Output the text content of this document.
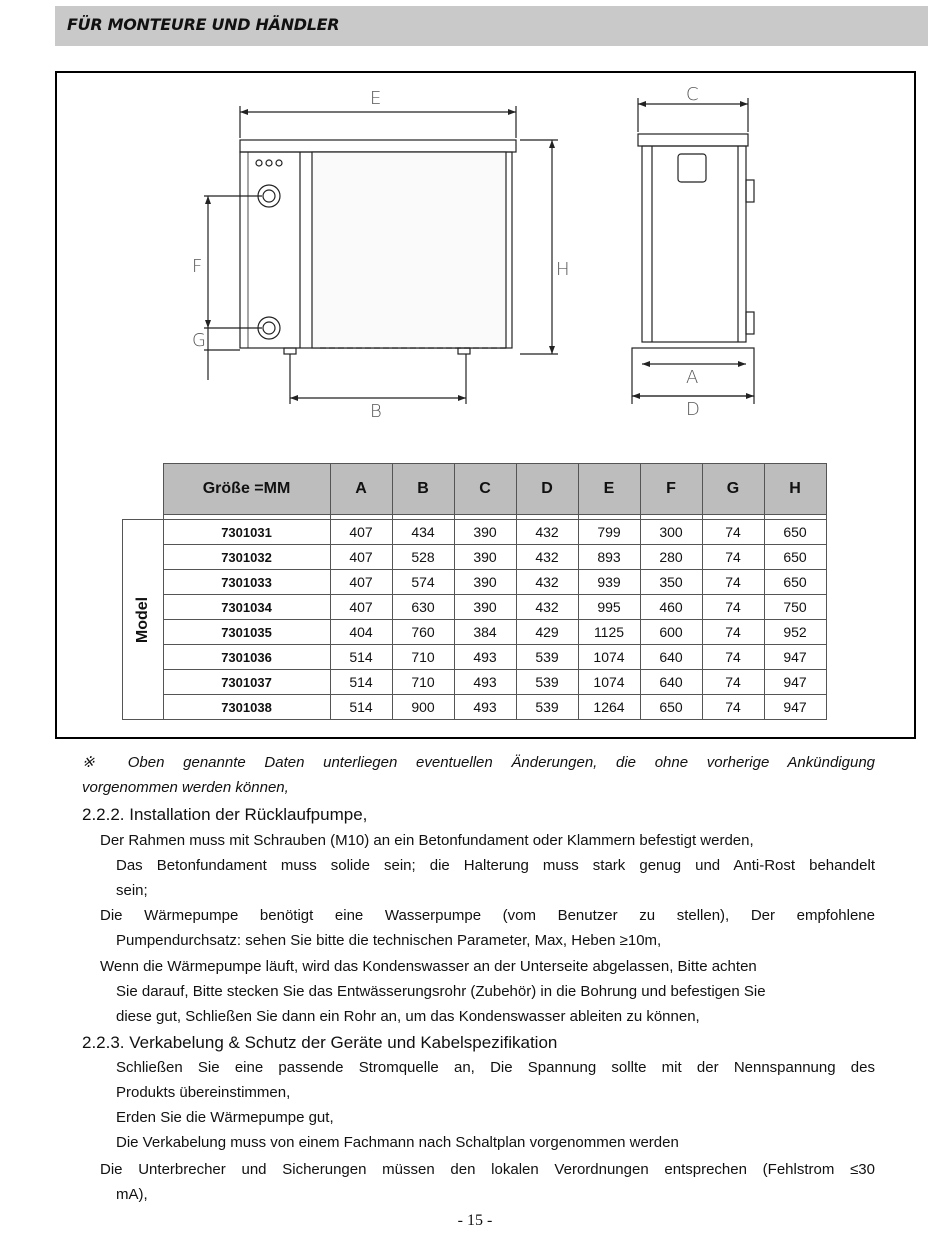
FÜR MONTEURE UND HÄNDLER
E	C
F
G
H
B
A
D
	Größe =MM	A	B	C	D	E	F	G	H

Model	7301031	407	434	390	432	799	300	74	650
	7301032	407	528	390	432	893	280	74	650
	7301033	407	574	390	432	939	350	74	650
	7301034	407	630	390	432	995	460	74	750
	7301035	404	760	384	429	1125	600	74	952
	7301036	514	710	493	539	1074	640	74	947
	7301037	514	710	493	539	1074	640	74	947
	7301038	514	900	493	539	1264	650	74	947
※ Oben genannte Daten unterliegen eventuellen Änderungen, die ohne vorherige Ankündigung
vorgenommen werden können,
2.2.2. Installation der Rücklaufpumpe,
Der Rahmen muss mit Schrauben (M10) an ein Betonfundament oder Klammern befestigt werden,
Das Betonfundament muss solide sein; die Halterung muss stark genug und Anti-Rost behandelt
sein;
Die Wärmepumpe benötigt eine Wasserpumpe (vom Benutzer zu stellen), Der empfohlene
Pumpendurchsatz: sehen Sie bitte die technischen Parameter, Max, Heben ≥10m,
Wenn die Wärmepumpe läuft, wird das Kondenswasser an der Unterseite abgelassen, Bitte achten
Sie darauf, Bitte stecken Sie das Entwässerungsrohr (Zubehör) in die Bohrung und befestigen Sie
diese gut, Schließen Sie dann ein Rohr an, um das Kondenswasser ableiten zu können,
2.2.3. Verkabelung & Schutz der Geräte und Kabelspezifikation
Schließen Sie eine passende Stromquelle an, Die Spannung sollte mit der Nennspannung des
Produkts übereinstimmen,
Erden Sie die Wärmepumpe gut,
Die Verkabelung muss von einem Fachmann nach Schaltplan vorgenommen werden
Die Unterbrecher und Sicherungen müssen den lokalen Verordnungen entsprechen (Fehlstrom ≤30
mA),
- 15 -
